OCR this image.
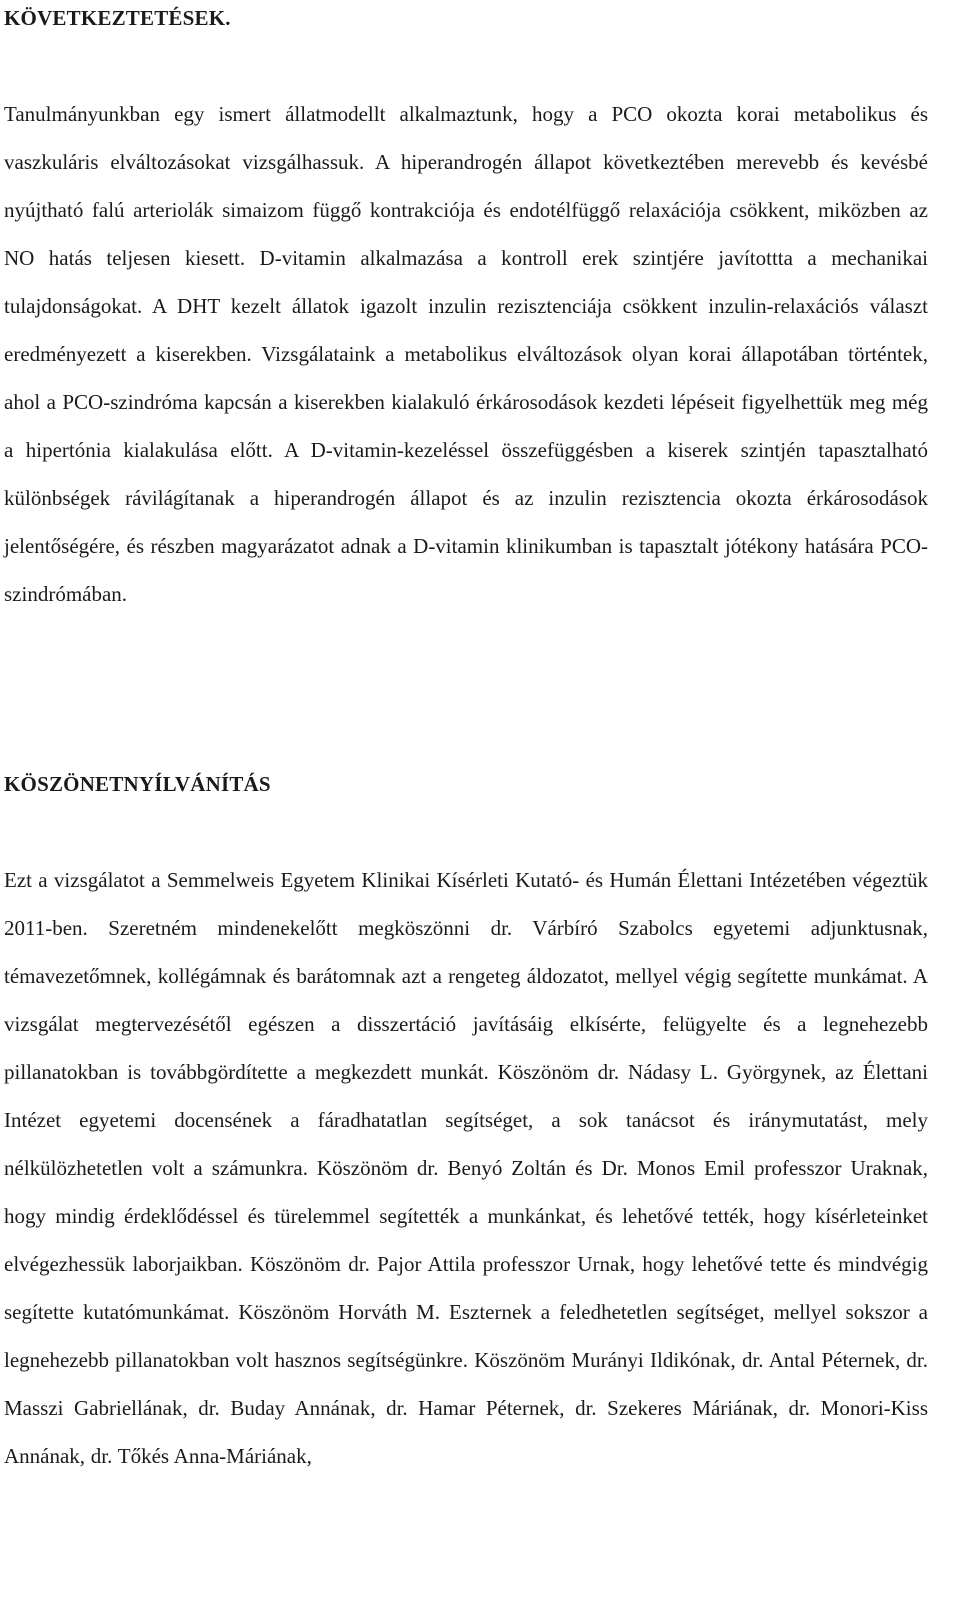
KÖVETKEZTETÉSEK.

Tanulmányunkban egy ismert állatmodellt alkalmaztunk, hogy a PCO okozta korai metabolikus és vaszkuláris elváltozásokat vizsgálhassuk. A hiperandrogén állapot következtében merevebb és kevésbé nyújtható falú arteriolák simaizom függő kontrakciója és endotélfüggő relaxációja csökkent, miközben az NO hatás teljesen kiesett. D-vitamin alkalmazása a kontroll erek szintjére javítottta a mechanikai tulajdonságokat. A DHT kezelt állatok igazolt inzulin rezisztenciája csökkent inzulin-relaxációs választ eredményezett a kiserekben. Vizsgálataink a metabolikus elváltozások olyan korai állapotában történtek, ahol a PCO-szindróma kapcsán a kiserekben kialakuló érkárosodások kezdeti lépéseit figyelhettük meg még a hipertónia kialakulása előtt. A D-vitamin-kezeléssel összefüggésben a kiserek szintjén tapasztalható különbségek rávilágítanak a hiperandrogén állapot és az inzulin rezisztencia okozta érkárosodások jelentőségére, és részben magyarázatot adnak a D-vitamin klinikumban is tapasztalt jótékony hatására PCO-szindrómában.

KÖSZÖNETNYÍLVÁNÍTÁS

Ezt a vizsgálatot a Semmelweis Egyetem Klinikai Kísérleti Kutató- és Humán Élettani Intézetében végeztük 2011-ben. Szeretném mindenekelőtt megköszönni dr. Várbíró Szabolcs egyetemi adjunktusnak, témavezetőmnek, kollégámnak és barátomnak azt a rengeteg áldozatot, mellyel végig segítette munkámat. A vizsgálat megtervezésétől egészen a disszertáció javításáig elkísérte, felügyelte és a legnehezebb pillanatokban is továbbgördítette a megkezdett munkát. Köszönöm dr. Nádasy L. Györgynek, az Élettani Intézet egyetemi docensének a fáradhatatlan segítséget, a sok tanácsot és iránymutatást, mely nélkülözhetetlen volt a számunkra. Köszönöm dr. Benyó Zoltán és Dr. Monos Emil professzor Uraknak, hogy mindig érdeklődéssel és türelemmel segítették a munkánkat, és lehetővé tették, hogy kísérleteinket elvégezhessük laborjaikban. Köszönöm dr. Pajor Attila professzor Urnak, hogy lehetővé tette és mindvégig segítette kutatómunkámat. Köszönöm Horváth M. Eszternek a feledhetetlen segítséget, mellyel sokszor a legnehezebb pillanatokban volt hasznos segítségünkre. Köszönöm Murányi Ildikónak, dr. Antal Péternek, dr. Masszi Gabriellának, dr. Buday Annának, dr. Hamar Péternek, dr. Szekeres Máriának, dr. Monori-Kiss Annának, dr. Tőkés Anna-Máriának,
